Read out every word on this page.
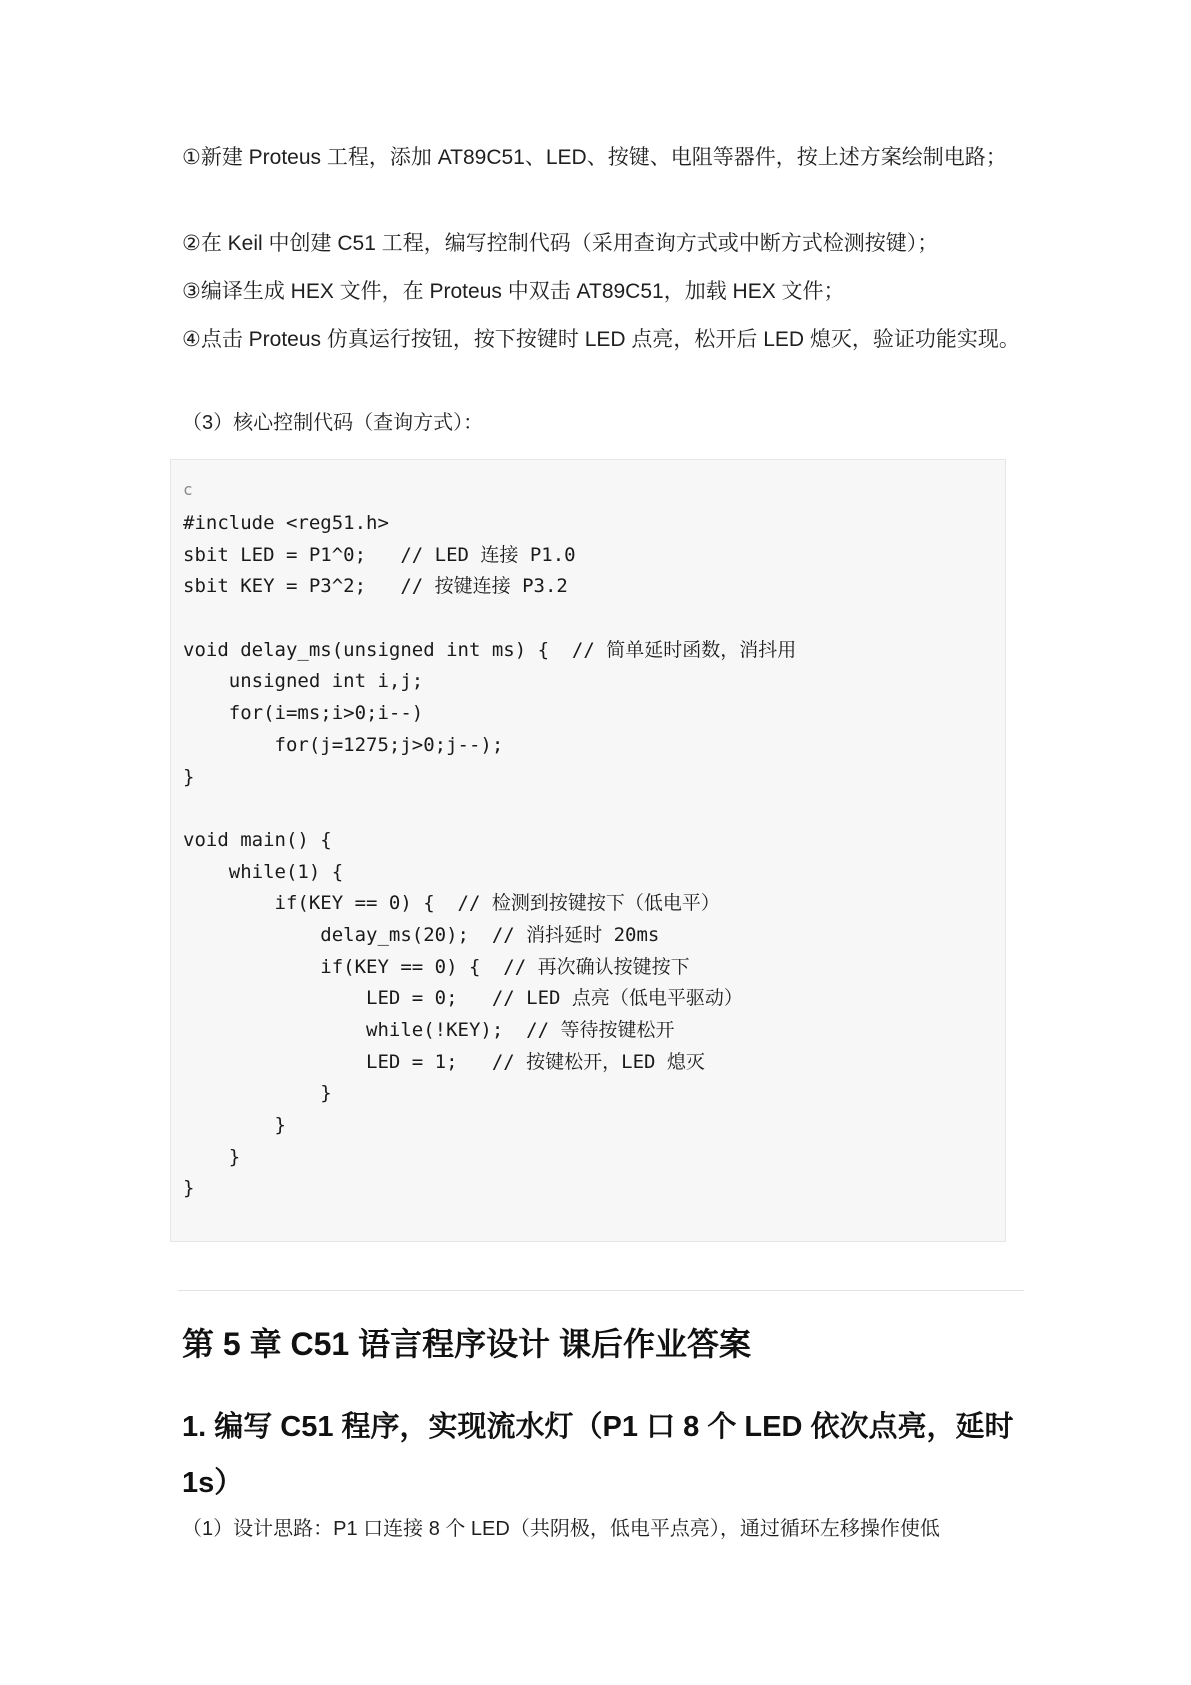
①新建 Proteus 工程，添加 AT89C51、LED、按键、电阻等器件，按上述方案绘制电路；

②在 Keil 中创建 C51 工程，编写控制代码（采用查询方式或中断方式检测按键）；

③编译生成 HEX 文件，在 Proteus 中双击 AT89C51，加载 HEX 文件；

④点击 Proteus 仿真运行按钮，按下按键时 LED 点亮，松开后 LED 熄灭，验证功能实现。

（3）核心控制代码（查询方式）：
c
#include <reg51.h>
sbit LED = P1^0;   // LED 连接 P1.0
sbit KEY = P3^2;   // 按键连接 P3.2
void delay_ms(unsigned int ms) {  // 简单延时函数，消抖用
unsigned int i,j;
for(i=ms;i>0;i--)
for(j=1275;j>0;j--);
}
void main() {
while(1) {
if(KEY == 0) {  // 检测到按键按下（低电平）
delay_ms(20);  // 消抖延时 20ms
if(KEY == 0) {  // 再次确认按键按下
LED = 0;   // LED 点亮（低电平驱动）
while(!KEY);  // 等待按键松开
LED = 1;   // 按键松开，LED 熄灭
}
}
}
}
第 5 章 C51 语言程序设计 课后作业答案
1. 编写 C51 程序，实现流水灯（P1 口 8 个 LED 依次点亮，延时 1s）
（1）设计思路：P1 口连接 8 个 LED（共阴极，低电平点亮），通过循环左移操作使低
